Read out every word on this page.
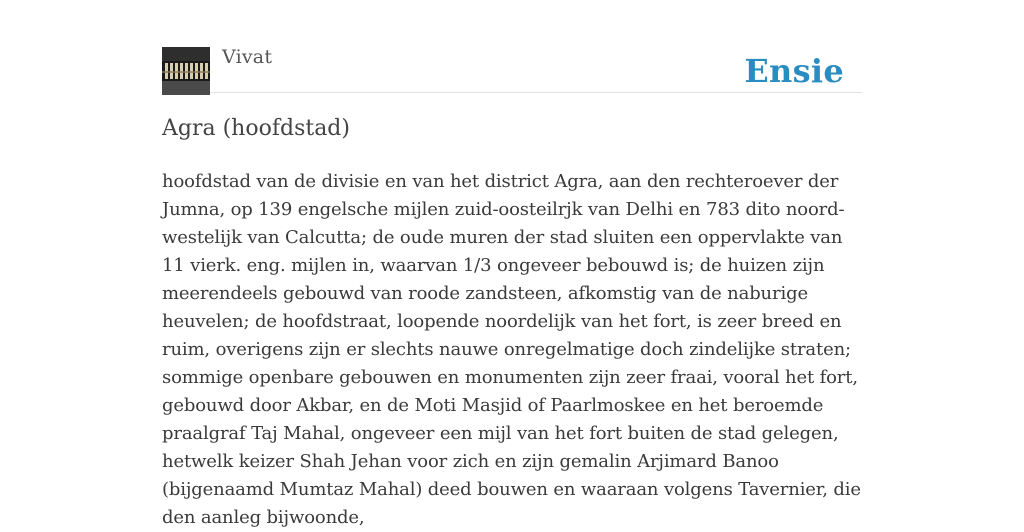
Vivat	Ensie
Agra (hoofdstad)

hoofdstad van de divisie en van het district Agra, aan den rechteroever der Jumna, op 139 engelsche mijlen zuid-oosteilrjk van Delhi en 783 dito noord-westelijk van Calcutta; de oude muren der stad sluiten een oppervlakte van 11 vierk. eng. mijlen in, waarvan 1/3 ongeveer bebouwd is; de huizen zijn meerendeels gebouwd van roode zandsteen, afkomstig van de naburige heuvelen; de hoofdstraat, loopende noordelijk van het fort, is zeer breed en ruim, overigens zijn er slechts nauwe onregelmatige doch zindelijke straten; sommige openbare gebouwen en monumenten zijn zeer fraai, vooral het fort, gebouwd door Akbar, en de Moti Masjid of Paarlmoskee en het beroemde praalgraf Taj Mahal, ongeveer een mijl van het fort buiten de stad gelegen, hetwelk keizer Shah Jehan voor zich en zijn gemalin Arjimard Banoo (bijgenaamd Mumtaz Mahal) deed bouwen en waaraan volgens Tavernier, die den aanleg bijwoonde,
